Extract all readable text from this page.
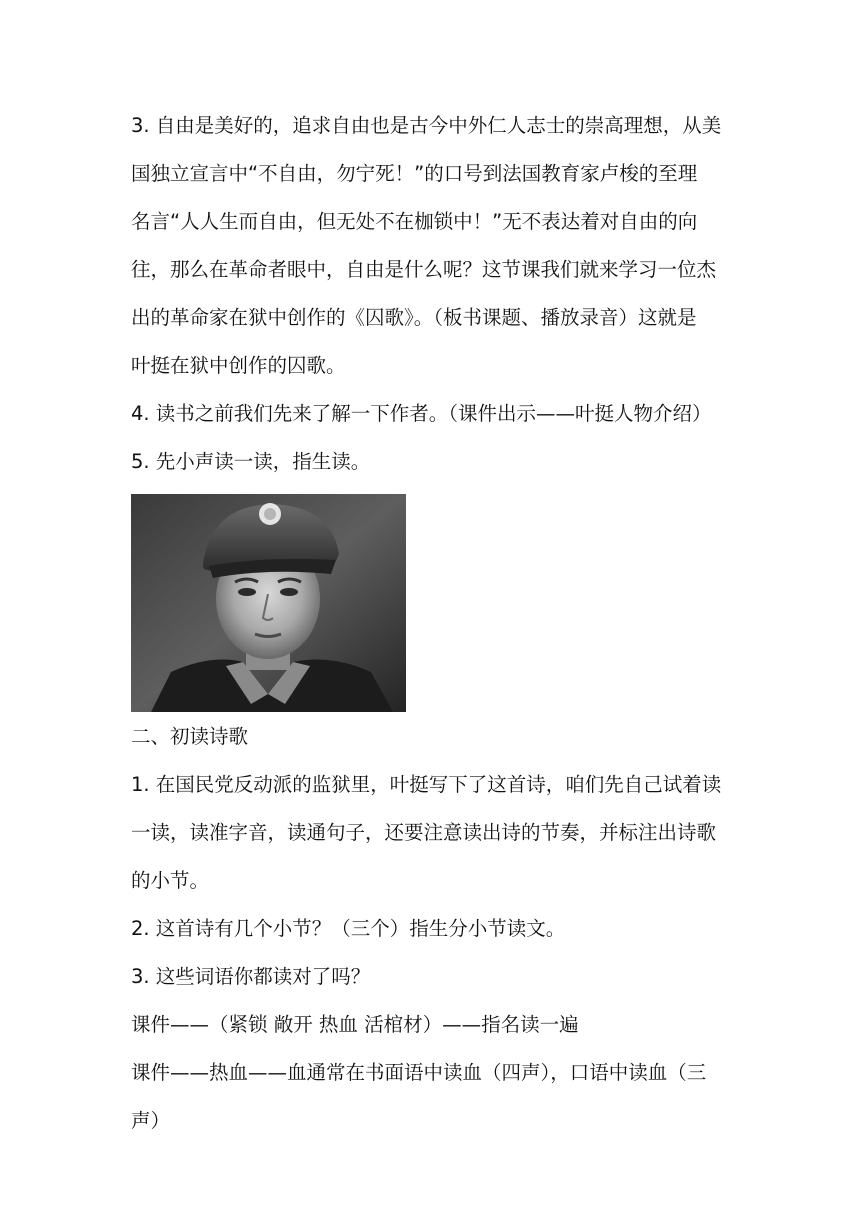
3. 自由是美好的，追求自由也是古今中外仁人志士的崇高理想，从美
国独立宣言中“不自由，勿宁死！”的口号到法国教育家卢梭的至理
名言“人人生而自由，但无处不在枷锁中！”无不表达着对自由的向
往，那么在革命者眼中，自由是什么呢？这节课我们就来学习一位杰
出的革命家在狱中创作的《囚歌》。（板书课题、播放录音）这就是
叶挺在狱中创作的囚歌。
4. 读书之前我们先来了解一下作者。（课件出示——叶挺人物介绍）
5. 先小声读一读，指生读。
二、初读诗歌
1. 在国民党反动派的监狱里，叶挺写下了这首诗，咱们先自己试着读
一读，读准字音，读通句子，还要注意读出诗的节奏，并标注出诗歌
的小节。
2. 这首诗有几个小节？（三个）指生分小节读文。
3. 这些词语你都读对了吗？
课件——（紧锁 敞开 热血 活棺材）——指名读一遍
课件——热血——血通常在书面语中读血（四声），口语中读血（三
声）
